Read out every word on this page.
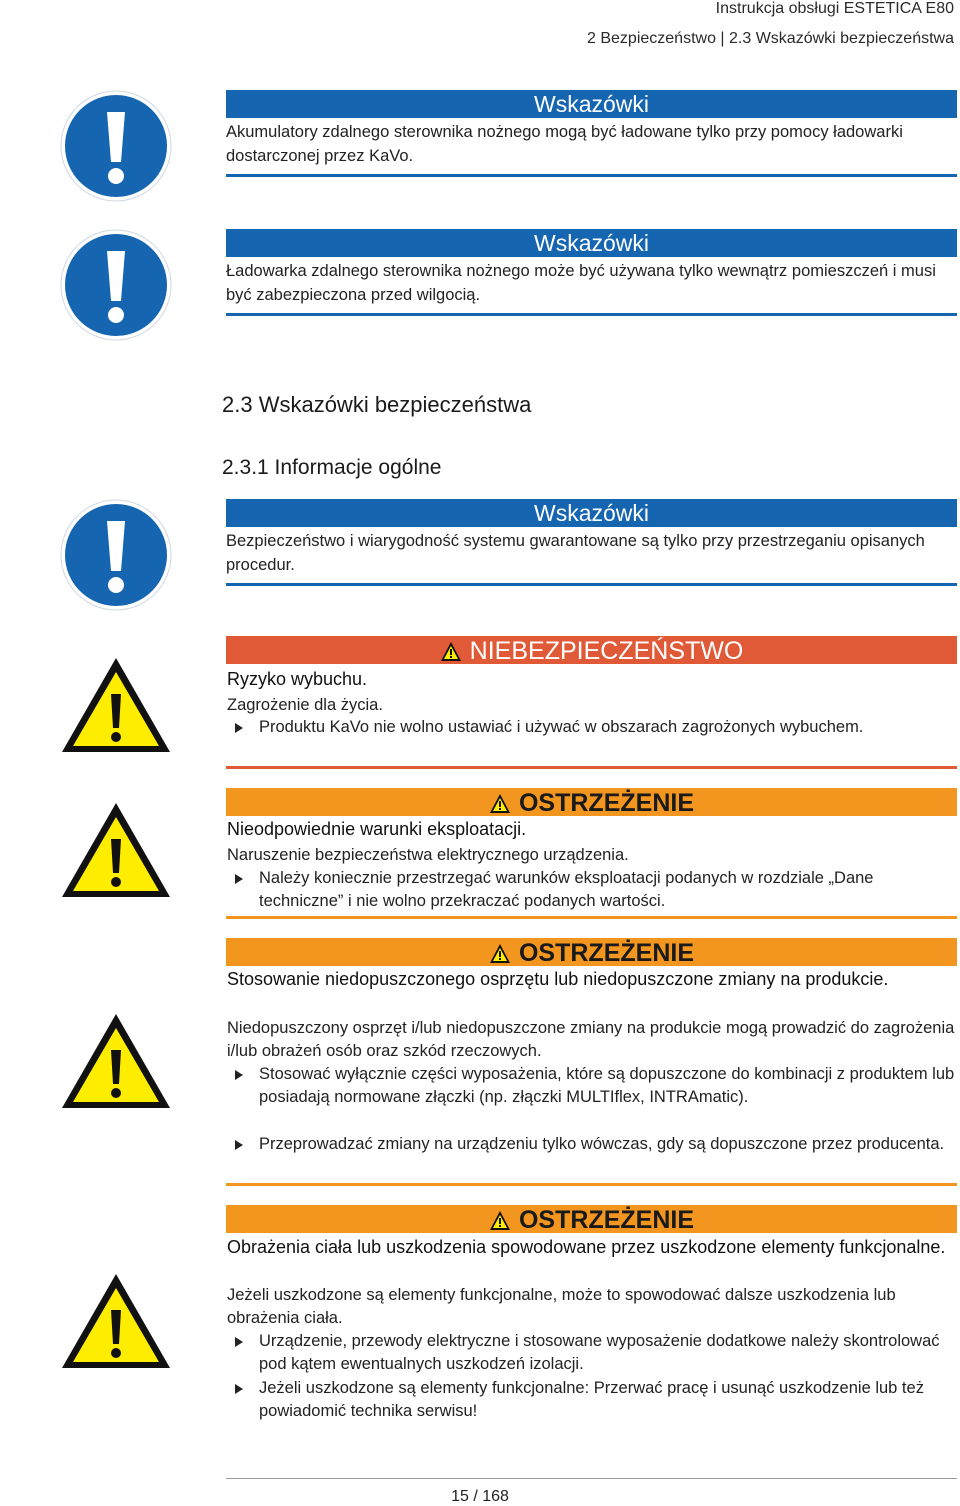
Instrukcja obsługi ESTETICA E80
2 Bezpieczeństwo | 2.3 Wskazówki bezpieczeństwa
Wskazówki
Akumulatory zdalnego sterownika nożnego mogą być ładowane tylko przy pomocy ładowarki dostarczonej przez KaVo.
Wskazówki
Ładowarka zdalnego sterownika nożnego może być używana tylko wewnątrz pomieszczeń i musi być zabezpieczona przed wilgocią.
2.3 Wskazówki bezpieczeństwa
2.3.1 Informacje ogólne
Wskazówki
Bezpieczeństwo i wiarygodność systemu gwarantowane są tylko przy przestrzeganiu opisanych procedur.
NIEBEZPIECZEŃSTWO
Ryzyko wybuchu.
Zagrożenie dla życia.
Produktu KaVo nie wolno ustawiać i używać w obszarach zagrożonych wybuchem.
OSTRZEŻENIE
Nieodpowiednie warunki eksploatacji.
Naruszenie bezpieczeństwa elektrycznego urządzenia.
Należy koniecznie przestrzegać warunków eksploatacji podanych w rozdziale „Dane techniczne” i nie wolno przekraczać podanych wartości.
OSTRZEŻENIE
Stosowanie niedopuszczonego osprzętu lub niedopuszczone zmiany na produkcie.
Niedopuszczony osprzęt i/lub niedopuszczone zmiany na produkcie mogą prowadzić do zagrożenia i/lub obrażeń osób oraz szkód rzeczowych.
Stosować wyłącznie części wyposażenia, które są dopuszczone do kombinacji z produktem lub posiadają normowane złączki (np. złączki MULTIflex, INTRAmatic).
Przeprowadzać zmiany na urządzeniu tylko wówczas, gdy są dopuszczone przez producenta.
OSTRZEŻENIE
Obrażenia ciała lub uszkodzenia spowodowane przez uszkodzone elementy funkcjonalne.
Jeżeli uszkodzone są elementy funkcjonalne, może to spowodować dalsze uszkodzenia lub obrażenia ciała.
Urządzenie, przewody elektryczne i stosowane wyposażenie dodatkowe należy skontrolować pod kątem ewentualnych uszkodzeń izolacji.
Jeżeli uszkodzone są elementy funkcjonalne: Przerwać pracę i usunąć uszkodzenie lub też powiadomić technika serwisu!
15 / 168
